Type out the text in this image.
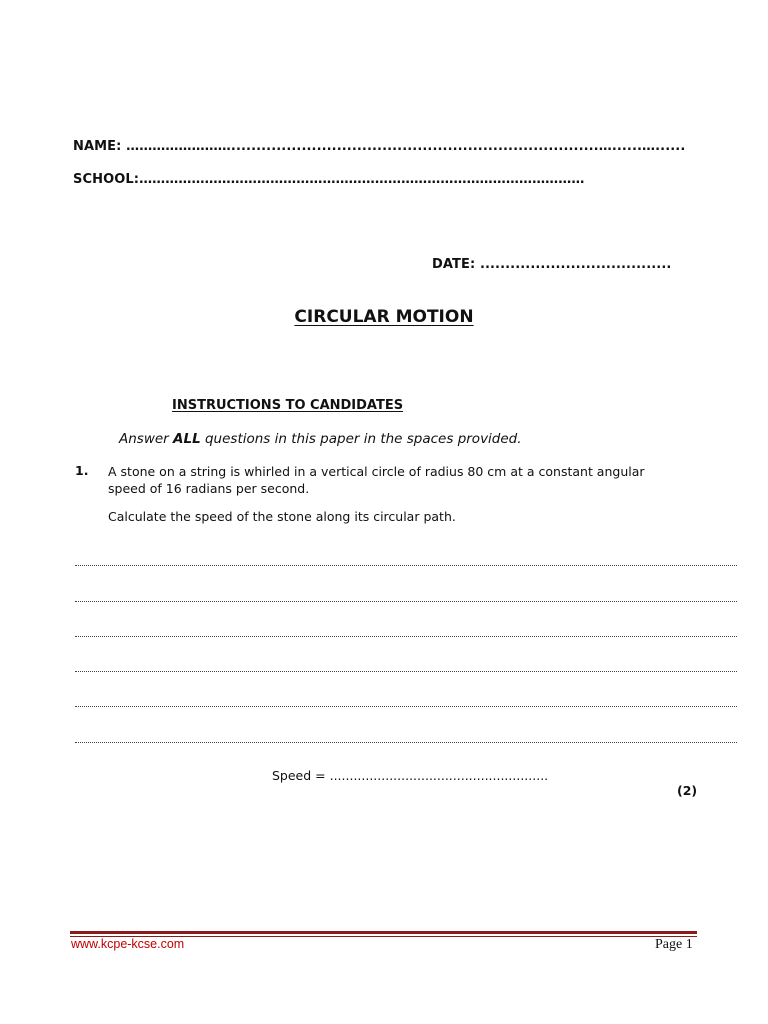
NAME: …………………….........................................................................…......…......
SCHOOL:…………………………………………………………………………………………
DATE: ......................................
CIRCULAR MOTION
INSTRUCTIONS TO CANDIDATES
Answer ALL questions in this paper in the spaces provided.
1. A stone on a string is whirled in a vertical circle of radius 80 cm at a constant angular speed of 16 radians per second.
Calculate the speed of the stone along its circular path.
Speed = .......................................................
(2)
www.kcpe-kcse.com	Page 1
